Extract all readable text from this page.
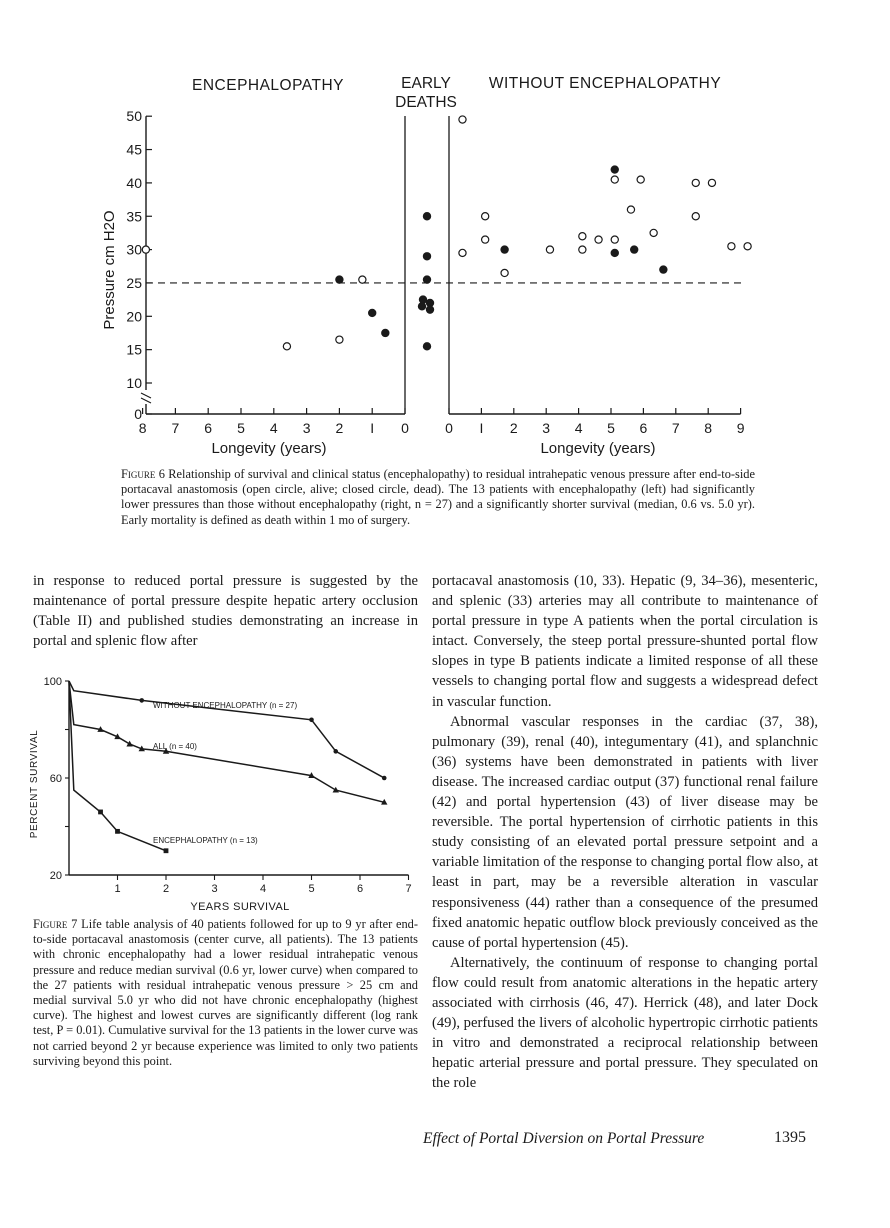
ENCEPHALOPATHY	EARLY
DEATHS
WITHOUT ENCEPHALOPATHY
Pressure cm H2O
0
10
15
20
25
30
35
40
45
50
8 7 6 5 4 3 2 I 0	0 I 2 3 4 5 6 7 8 9
Longevity (years)	Longevity (years)
Figure 6 Relationship of survival and clinical status (encephalopathy) to residual intrahepatic venous pressure after end-to-side portacaval anastomosis (open circle, alive; closed circle, dead). The 13 patients with encephalopathy (left) had significantly lower pressures than those without encephalopathy (right, n = 27) and a significantly shorter survival (median, 0.6 vs. 5.0 yr). Early mortality is defined as death within 1 mo of surgery.

in response to reduced portal pressure is suggested by the maintenance of portal pressure despite hepatic artery occlusion (Table II) and published studies demonstrating an increase in portal and splenic flow after

PERCENT SURVIVAL
20
60
100
1	2	3	4	5	6	7
WITHOUT ENCEPHALOPATHY (n = 27)
ALL (n = 40)
ENCEPHALOPATHY (n = 13)
YEARS SURVIVAL
Figure 7 Life table analysis of 40 patients followed for up to 9 yr after end-to-side portacaval anastomosis (center curve, all patients). The 13 patients with chronic encephalopathy had a lower residual intrahepatic venous pressure and reduce median survival (0.6 yr, lower curve) when compared to the 27 patients with residual intrahepatic venous pressure > 25 cm and medial survival 5.0 yr who did not have chronic encephalopathy (highest curve). The highest and lowest curves are significantly different (log rank test, P = 0.01). Cumulative survival for the 13 patients in the lower curve was not carried beyond 2 yr because experience was limited to only two patients surviving beyond this point.

portacaval anastomosis (10, 33). Hepatic (9, 34–36), mesenteric, and splenic (33) arteries may all contribute to maintenance of portal pressure in type A patients when the portal circulation is intact. Conversely, the steep portal pressure-shunted portal flow slopes in type B patients indicate a limited response of all these vessels to changing portal flow and suggests a widespread defect in vascular function.

Abnormal vascular responses in the cardiac (37, 38), pulmonary (39), renal (40), integumentary (41), and splanchnic (36) systems have been demonstrated in patients with liver disease. The increased cardiac output (37) functional renal failure (42) and portal hypertension (43) of liver disease may be reversible. The portal hypertension of cirrhotic patients in this study consisting of an elevated portal pressure setpoint and a variable limitation of the response to changing portal flow also, at least in part, may be a reversible alteration in vascular responsiveness (44) rather than a consequence of the presumed fixed anatomic hepatic outflow block previously conceived as the cause of portal hypertension (45).

Alternatively, the continuum of response to changing portal flow could result from anatomic alterations in the hepatic artery associated with cirrhosis (46, 47). Herrick (48), and later Dock (49), perfused the livers of alcoholic hypertropic cirrhotic patients in vitro and demonstrated a reciprocal relationship between hepatic arterial pressure and portal pressure. They speculated on the role

Effect of Portal Diversion on Portal Pressure	1395
